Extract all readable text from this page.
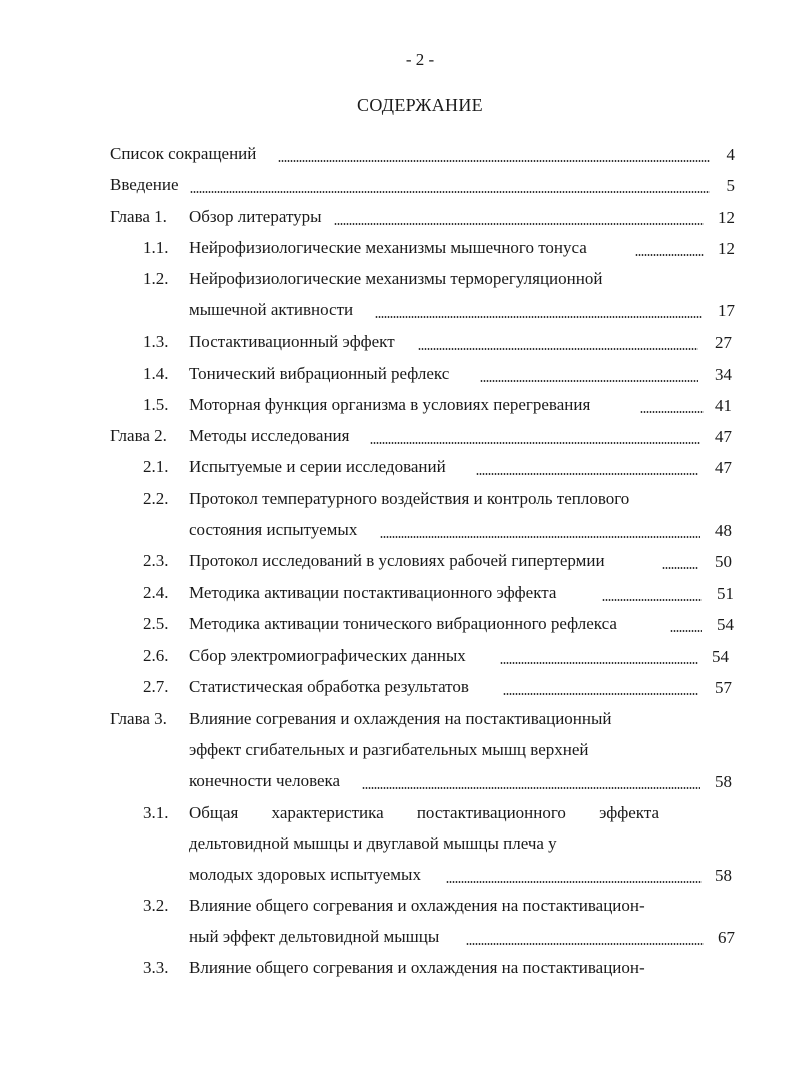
- 2 -
СОДЕРЖАНИЕ
Список сокращений	4
Введение	5
Глава 1. Обзор литературы	12
1.1. Нейрофизиологические механизмы мышечного тонуса	12
1.2. Нейрофизиологические механизмы терморегуляционной
мышечной активности	17
1.3. Постактивационный эффект	27
1.4. Тонический вибрационный рефлекс	34
1.5. Моторная функция организма в условиях перегревания	41
Глава 2. Методы исследования	47
2.1. Испытуемые и серии исследований	47
2.2. Протокол температурного воздействия и контроль теплового
состояния испытуемых	48
2.3. Протокол исследований в условиях рабочей гипертермии	50
2.4. Методика активации постактивационного эффекта	51
2.5. Методика активации тонического вибрационного рефлекса	54
2.6. Сбор электромиографических данных	54
2.7. Статистическая обработка результатов	57
Глава 3. Влияние согревания и охлаждения на постактивационный
эффект сгибательных и разгибательных мышц верхней
конечности человека	58
3.1. Общая характеристика постактивационного эффекта
дельтовидной мышцы и двуглавой мышцы плеча у
молодых здоровых испытуемых	58
3.2. Влияние общего согревания и охлаждения на постактивацион-
ный эффект дельтовидной мышцы	67
3.3. Влияние общего согревания и охлаждения на постактивацион-
